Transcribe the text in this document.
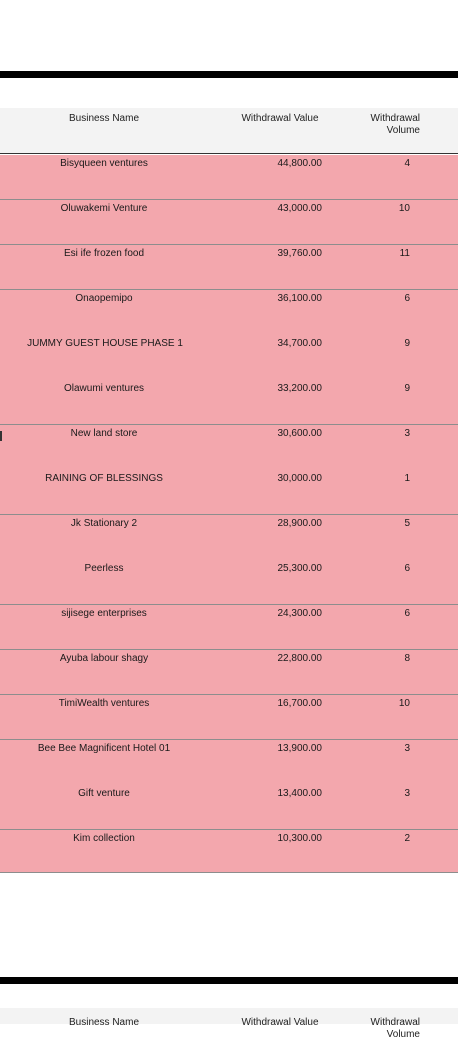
Business Name	Withdrawal Value	Withdrawal Volume
Bisyqueen ventures	44,800.00	4
Oluwakemi Venture	43,000.00	10
Esi ife frozen food	39,760.00	11
Onaopemipo	36,100.00	6
JUMMY GUEST HOUSE PHASE 1	34,700.00	9
Olawumi ventures	33,200.00	9
New land store	30,600.00	3
RAINING OF BLESSINGS	30,000.00	1
Jk Stationary 2	28,900.00	5
Peerless	25,300.00	6
sijisege enterprises	24,300.00	6
Ayuba labour shagy	22,800.00	8
TimiWealth ventures	16,700.00	10
Bee Bee Magnificent Hotel 01	13,900.00	3
Gift venture	13,400.00	3
Kim collection	10,300.00	2
Business Name	Withdrawal Value	Withdrawal Volume
